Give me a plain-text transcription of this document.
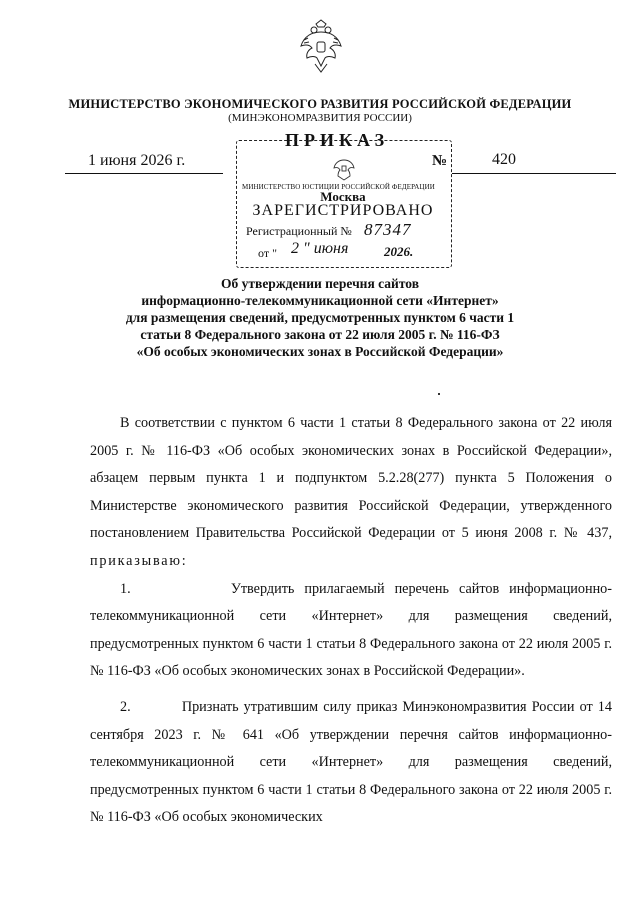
МИНИСТЕРСТВО ЭКОНОМИЧЕСКОГО РАЗВИТИЯ РОССИЙСКОЙ ФЕДЕРАЦИИ
(МИНЭКОНОМРАЗВИТИЯ РОССИИ)
ПРИКАЗ
1 июня 2026 г.	№	420
МИНИСТЕРСТВО ЮСТИЦИИ РОССИЙСКОЙ ФЕДЕРАЦИИ
Москва
ЗАРЕГИСТРИРОВАНО
Регистрационный № 87347
от " 2 " июня	2026.
Об утверждении перечня сайтов
информационно-телекоммуникационной сети «Интернет»
для размещения сведений, предусмотренных пунктом 6 части 1
статьи 8 Федерального закона от 22 июля 2005 г. № 116-ФЗ
«Об особых экономических зонах в Российской Федерации»

В соответствии с пунктом 6 части 1 статьи 8 Федерального закона от 22 июля 2005 г. № 116-ФЗ «Об особых экономических зонах в Российской Федерации», абзацем первым пункта 1 и подпунктом 5.2.28(277) пункта 5 Положения о Министерстве экономического развития Российской Федерации, утвержденного постановлением Правительства Российской Федерации от 5 июня 2008 г. № 437, приказываю:

1.	Утвердить прилагаемый перечень сайтов информационно-телекоммуникационной сети «Интернет» для размещения сведений, предусмотренных пунктом 6 части 1 статьи 8 Федерального закона от 22 июля 2005 г. № 116-ФЗ «Об особых экономических зонах в Российской Федерации».

2.	Признать утратившим силу приказ Минэкономразвития России от 14 сентября 2023 г. № 641 «Об утверждении перечня сайтов информационно-телекоммуникационной сети «Интернет» для размещения сведений, предусмотренных пунктом 6 части 1 статьи 8 Федерального закона от 22 июля 2005 г. № 116-ФЗ «Об особых экономических
